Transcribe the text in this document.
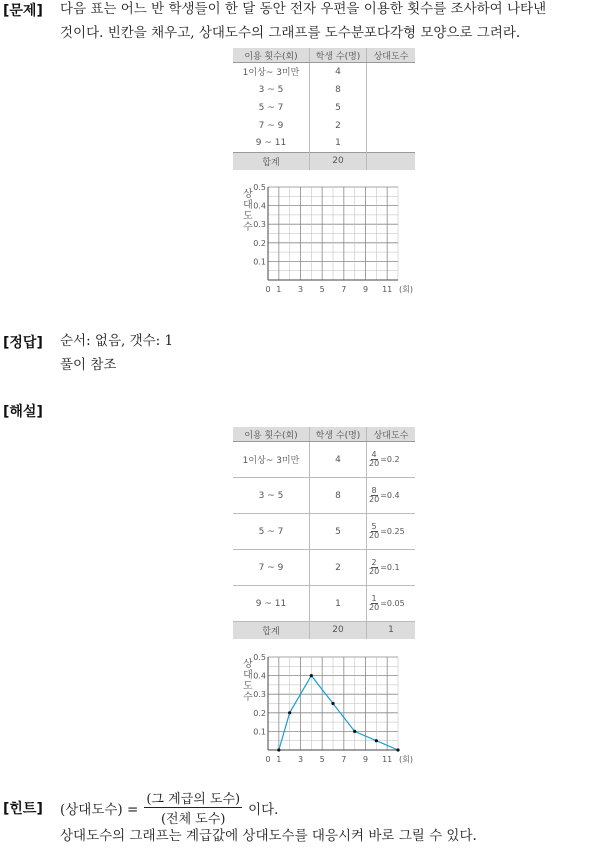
[문제] 다음 표는 어느 반 학생들이 한 달 동안 전자 우편을 이용한 횟수를 조사하여 나타낸
것이다. 빈칸을 채우고, 상대도수의 그래프를 도수분포다각형 모양으로 그려라.
이용 횟수(회)	학생 수(명)	상대도수
1이상~ 3미만	4	
3 ~ 5	8	
5 ~ 7	5	
7 ~ 9	2	
9 ~ 11	1	
합계	20	
0.1
0.2
0.3
0.4
0.5
0 1 3 5 7 9 11 (회)
상
대
도
수
[정답] 순서: 없음, 갯수: 1
풀이 참조
[해설]
이용 횟수(회)	학생 수(명)	상대도수
1이상~ 3미만	4	$\frac{4}{20} =0.2$

3 ~ 5	8	$\frac{8}{20} =0.4$

5 ~ 7	5	$\frac{5}{20} =0.25$

7 ~ 9	2	$\frac{2}{20} =0.1$

9 ~ 11	1	$\frac{1}{20} =0.05$

합계	20	1
0.1
0.2
0.3
0.4
0.5
0 1 3 5 7 9 11 (회)
상
대
도
수
[힌트] (상대도수) = $\frac{\text{(그 계급의 도수)}}{\text{(전체 도수)}}$ 이다.
상대도수의 그래프는 계급값에 상대도수를 대응시켜 바로 그릴 수 있다.
